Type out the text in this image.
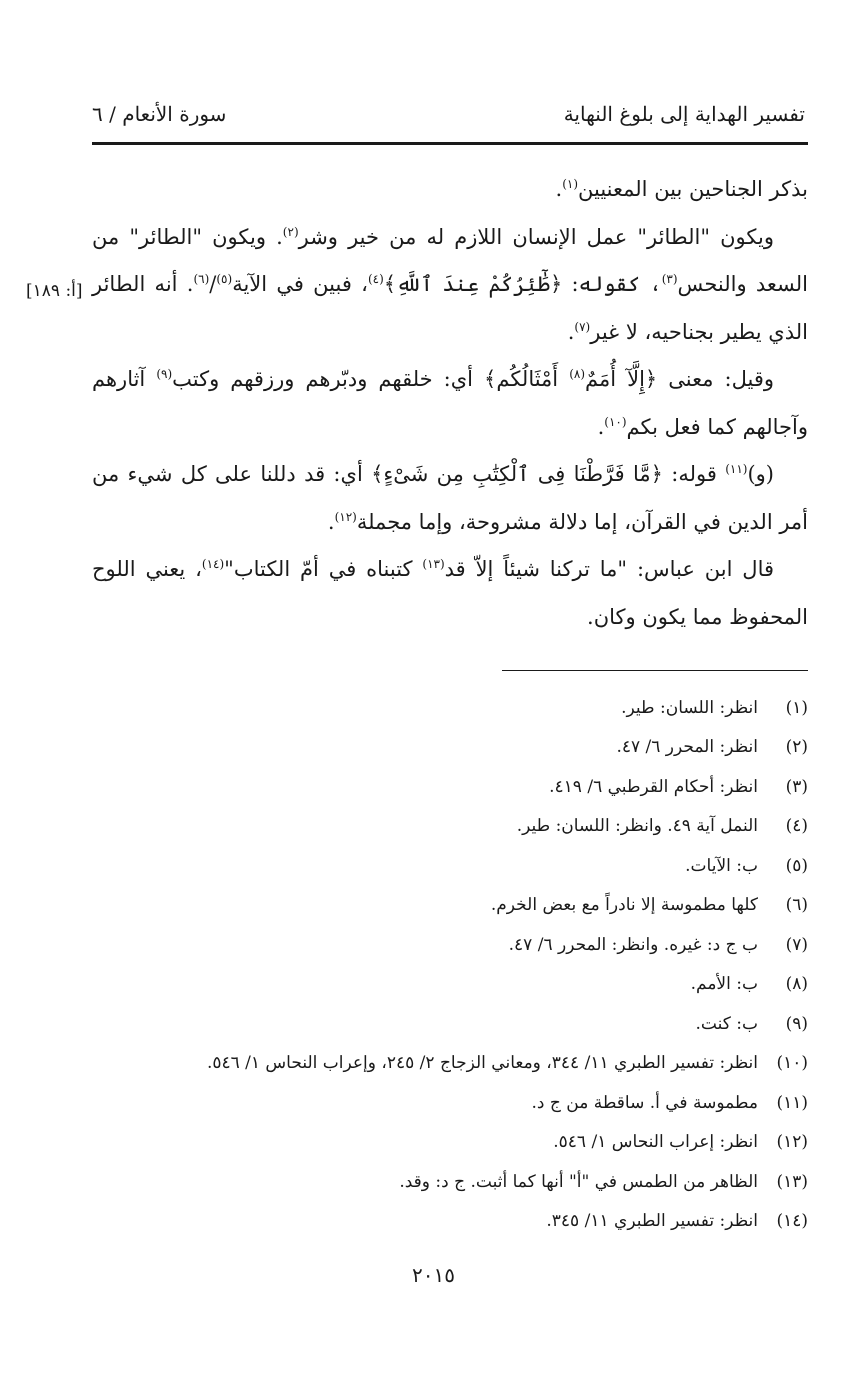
تفسير الهداية إلى بلوغ النهاية
سورة الأنعام / ٦
[أ: ١٨٩]

بذكر الجناحين بين المعنيين$^{(١)}$.

ويكون "الطائر" عمل الإنسان اللازم له من خير وشر$^{(٢)}$. ويكون "الطائر" من السعد والنحس$^{(٣)}$، كقوله: ﴿طَٰٓئِرُكُمْ عِندَ ٱللَّهِ﴾$^{(٤)}$، فبين في الآية$^{(٥)}$/$^{(٦)}$. أنه الطائر الذي يطير بجناحيه، لا غير$^{(٧)}$.

وقيل: معنى ﴿إِلَّآ أُمَمٌ$^{(٨)}$ أَمْثَالُكُم﴾ أي: خلقهم ودبّرهم ورزقهم وكتب$^{(٩)}$ آثارهم وآجالهم كما فعل بكم$^{(١٠)}$.

(و)$^{(١١)}$ قوله: ﴿مَّا فَرَّطْنَا فِى ٱلْكِتَٰبِ مِن شَىْءٍ﴾ أي: قد دللنا على كل شيء من أمر الدين في القرآن، إما دلالة مشروحة، وإما مجملة$^{(١٢)}$.

قال ابن عباس: "ما تركنا شيئاً إلاّ قد$^{(١٣)}$ كتبناه في أمّ الكتاب"$^{(١٤)}$، يعني اللوح المحفوظ مما يكون وكان.

(١)
انظر: اللسان: طير.
(٢)
انظر: المحرر ٦/ ٤٧.
(٣)
انظر: أحكام القرطبي ٦/ ٤١٩.
(٤)
النمل آية ٤٩. وانظر: اللسان: طير.
(٥)
ب: الآيات.
(٦)
كلها مطموسة إلا نادراً مع بعض الخرم.
(٧)
ب ج د: غيره. وانظر: المحرر ٦/ ٤٧.
(٨)
ب: الأمم.
(٩)
ب: كنت.
(١٠)
انظر: تفسير الطبري ١١/ ٣٤٤، ومعاني الزجاج ٢/ ٢٤٥، وإعراب النحاس ١/ ٥٤٦.
(١١)
مطموسة في أ. ساقطة من ج د.
(١٢)
انظر: إعراب النحاس ١/ ٥٤٦.
(١٣)
الظاهر من الطمس في "أ" أنها كما أثبت. ج د: وقد.
(١٤)
انظر: تفسير الطبري ١١/ ٣٤٥.
٢٠١٥
